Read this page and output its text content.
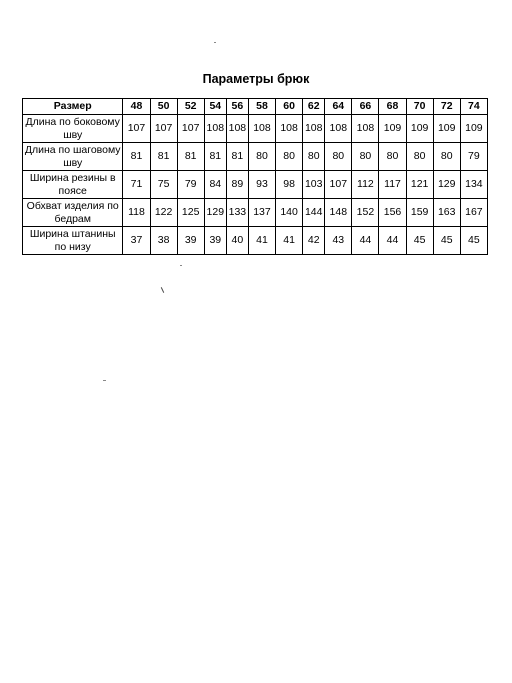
Параметры брюк
Размер	48	50	52	54	56	58	60	62	64	66	68	70	72	74
Длина по боковому шву	107	107	107	108	108	108	108	108	108	108	109	109	109	109
Длина по шаговому шву	81	81	81	81	81	80	80	80	80	80	80	80	80	79
Ширина резины в поясе	71	75	79	84	89	93	98	103	107	112	117	121	129	134
Обхват изделия по бедрам	118	122	125	129	133	137	140	144	148	152	156	159	163	167
Ширина штанины по низу	37	38	39	39	40	41	41	42	43	44	44	45	45	45
